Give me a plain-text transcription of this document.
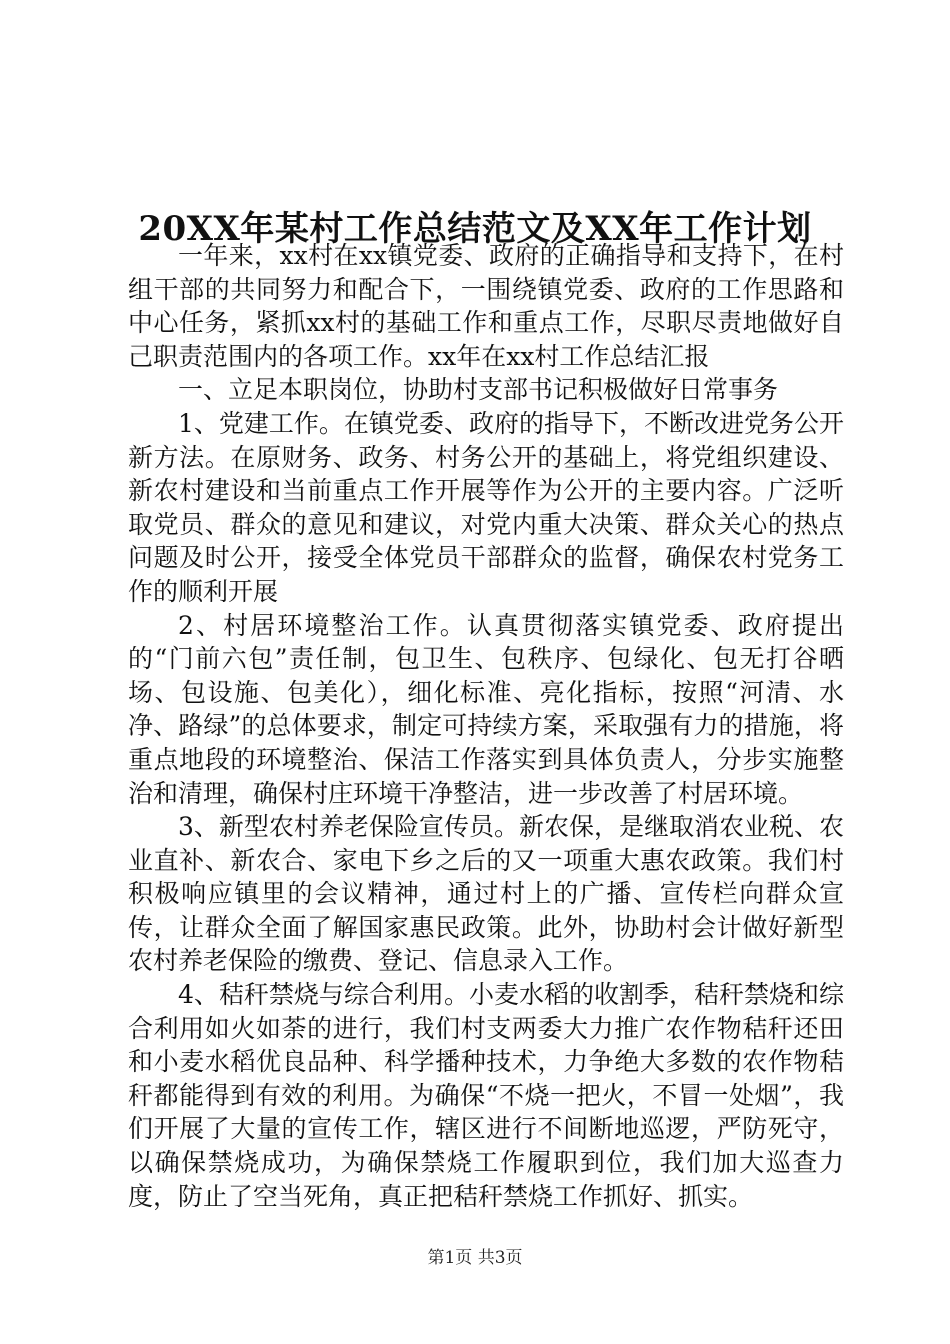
20XX年某村工作总结范文及XX年工作计划

一年来，xx村在xx镇党委、政府的正确指导和支持下，在村组干部的共同努力和配合下，一围绕镇党委、政府的工作思路和中心任务，紧抓xx村的基础工作和重点工作，尽职尽责地做好自己职责范围内的各项工作。xx年在xx村工作总结汇报

一、立足本职岗位，协助村支部书记积极做好日常事务

1、党建工作。在镇党委、政府的指导下，不断改进党务公开新方法。在原财务、政务、村务公开的基础上，将党组织建设、新农村建设和当前重点工作开展等作为公开的主要内容。广泛听取党员、群众的意见和建议，对党内重大决策、群众关心的热点问题及时公开，接受全体党员干部群众的监督，确保农村党务工作的顺利开展

2、村居环境整治工作。认真贯彻落实镇党委、政府提出的“门前六包”责任制，包卫生、包秩序、包绿化、包无打谷晒场、包设施、包美化），细化标准、亮化指标，按照“河清、水净、路绿”的总体要求，制定可持续方案，采取强有力的措施，将重点地段的环境整治、保洁工作落实到具体负责人，分步实施整治和清理，确保村庄环境干净整洁，进一步改善了村居环境。

3、新型农村养老保险宣传员。新农保，是继取消农业税、农业直补、新农合、家电下乡之后的又一项重大惠农政策。我们村积极响应镇里的会议精神，通过村上的广播、宣传栏向群众宣传，让群众全面了解国家惠民政策。此外，协助村会计做好新型农村养老保险的缴费、登记、信息录入工作。

4、秸秆禁烧与综合利用。小麦水稻的收割季，秸秆禁烧和综合利用如火如荼的进行，我们村支两委大力推广农作物秸秆还田和小麦水稻优良品种、科学播种技术，力争绝大多数的农作物秸秆都能得到有效的利用。为确保“不烧一把火，不冒一处烟”，我们开展了大量的宣传工作，辖区进行不间断地巡逻，严防死守，以确保禁烧成功，为确保禁烧工作履职到位，我们加大巡查力度，防止了空当死角，真正把秸秆禁烧工作抓好、抓实。

第1页 共3页
